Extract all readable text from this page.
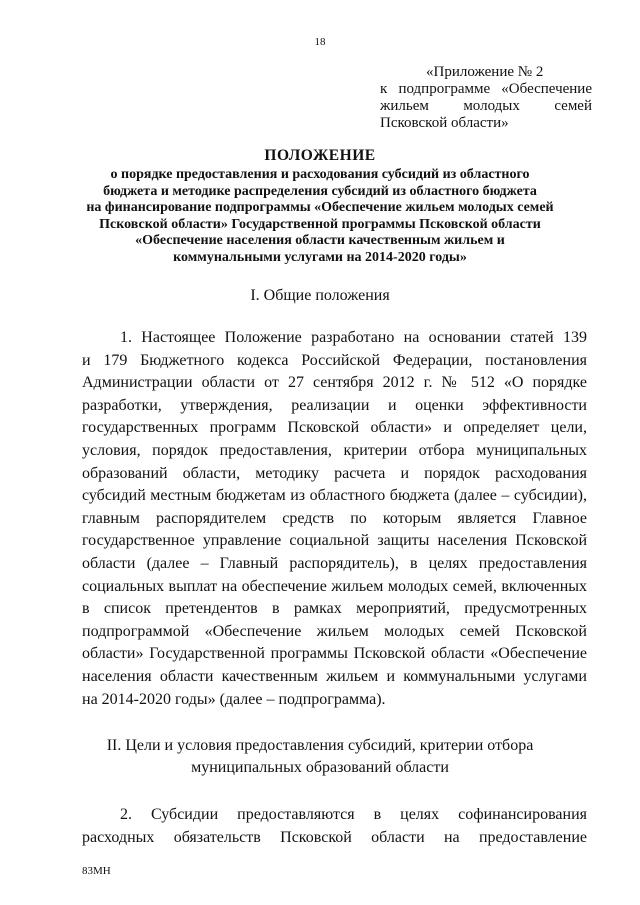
18
«Приложение № 2
к подпрограмме «Обеспечение
жильем молодых семей
Псковской области»
ПОЛОЖЕНИЕ
о порядке предоставления и расходования субсидий из областного
бюджета и методике распределения субсидий из областного бюджета
на финансирование подпрограммы «Обеспечение жильем молодых семей
Псковской области» Государственной программы Псковской области
«Обеспечение населения области качественным жильем и
коммунальными услугами на 2014-2020 годы»
I. Общие положения
1. Настоящее Положение разработано на основании статей 139
и 179 Бюджетного кодекса Российской Федерации, постановления
Администрации области от 27 сентября 2012 г. № 512 «О порядке
разработки, утверждения, реализации и оценки эффективности
государственных программ Псковской области» и определяет цели,
условия, порядок предоставления, критерии отбора муниципальных
образований области, методику расчета и порядок расходования
субсидий местным бюджетам из областного бюджета (далее – субсидии),
главным распорядителем средств по которым является Главное
государственное управление социальной защиты населения Псковской
области (далее – Главный распорядитель), в целях предоставления
социальных выплат на обеспечение жильем молодых семей, включенных
в список претендентов в рамках мероприятий, предусмотренных
подпрограммой «Обеспечение жильем молодых семей Псковской
области» Государственной программы Псковской области «Обеспечение
населения области качественным жильем и коммунальными услугами
на 2014-2020 годы» (далее – подпрограмма).
II. Цели и условия предоставления субсидий, критерии отбора
муниципальных образований области
2. Субсидии предоставляются в целях софинансирования
расходных обязательств Псковской области на предоставление
83МН
